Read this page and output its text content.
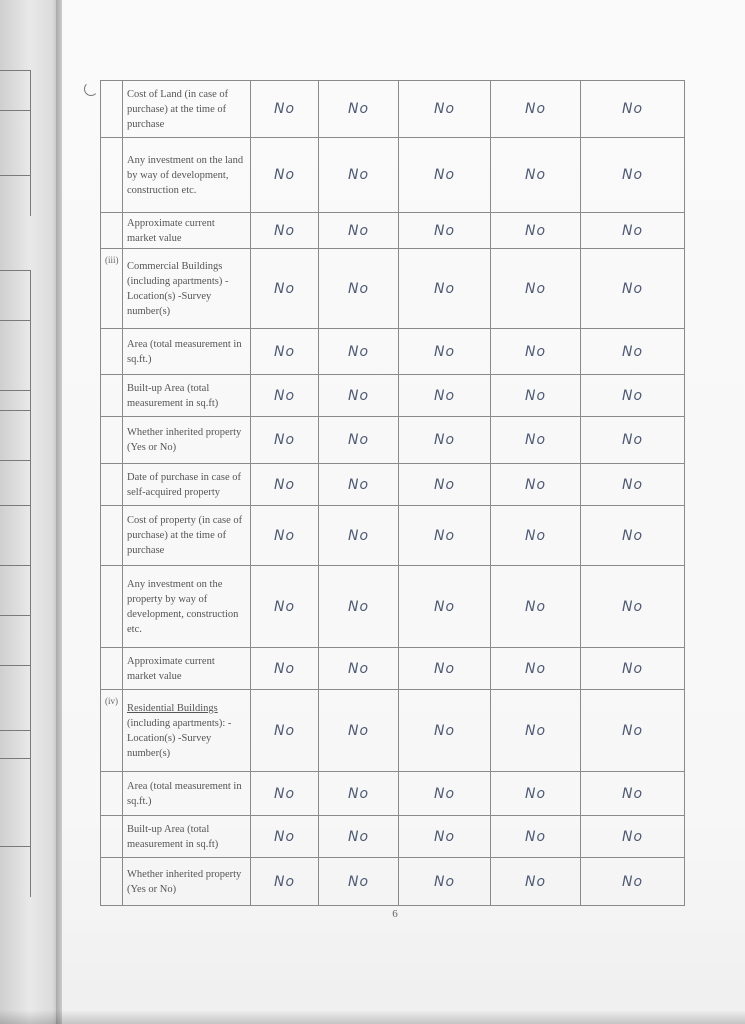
	Cost of Land (in case of purchase) at the time of purchase	No	No	No	No	No
	Any investment on the land by way of development, construction etc.	No	No	No	No	No
	Approximate current market value	No	No	No	No	No
(iii)	Commercial Buildings (including apartments) -Location(s) -Survey number(s)	No	No	No	No	No
	Area (total measurement in sq.ft.)	No	No	No	No	No
	Built-up Area (total measurement in sq.ft)	No	No	No	No	No
	Whether inherited property (Yes or No)	No	No	No	No	No
	Date of purchase in case of self-acquired property	No	No	No	No	No
	Cost of property (in case of purchase) at the time of purchase	No	No	No	No	No
	Any investment on the property by way of development, construction etc.	No	No	No	No	No
	Approximate current market value	No	No	No	No	No
(iv)	Residential Buildings (including apartments): -Location(s) -Survey number(s)	No	No	No	No	No
	Area (total measurement in sq.ft.)	No	No	No	No	No
	Built-up Area (total measurement in sq.ft)	No	No	No	No	No
	Whether inherited property (Yes or No)	No	No	No	No	No
6
